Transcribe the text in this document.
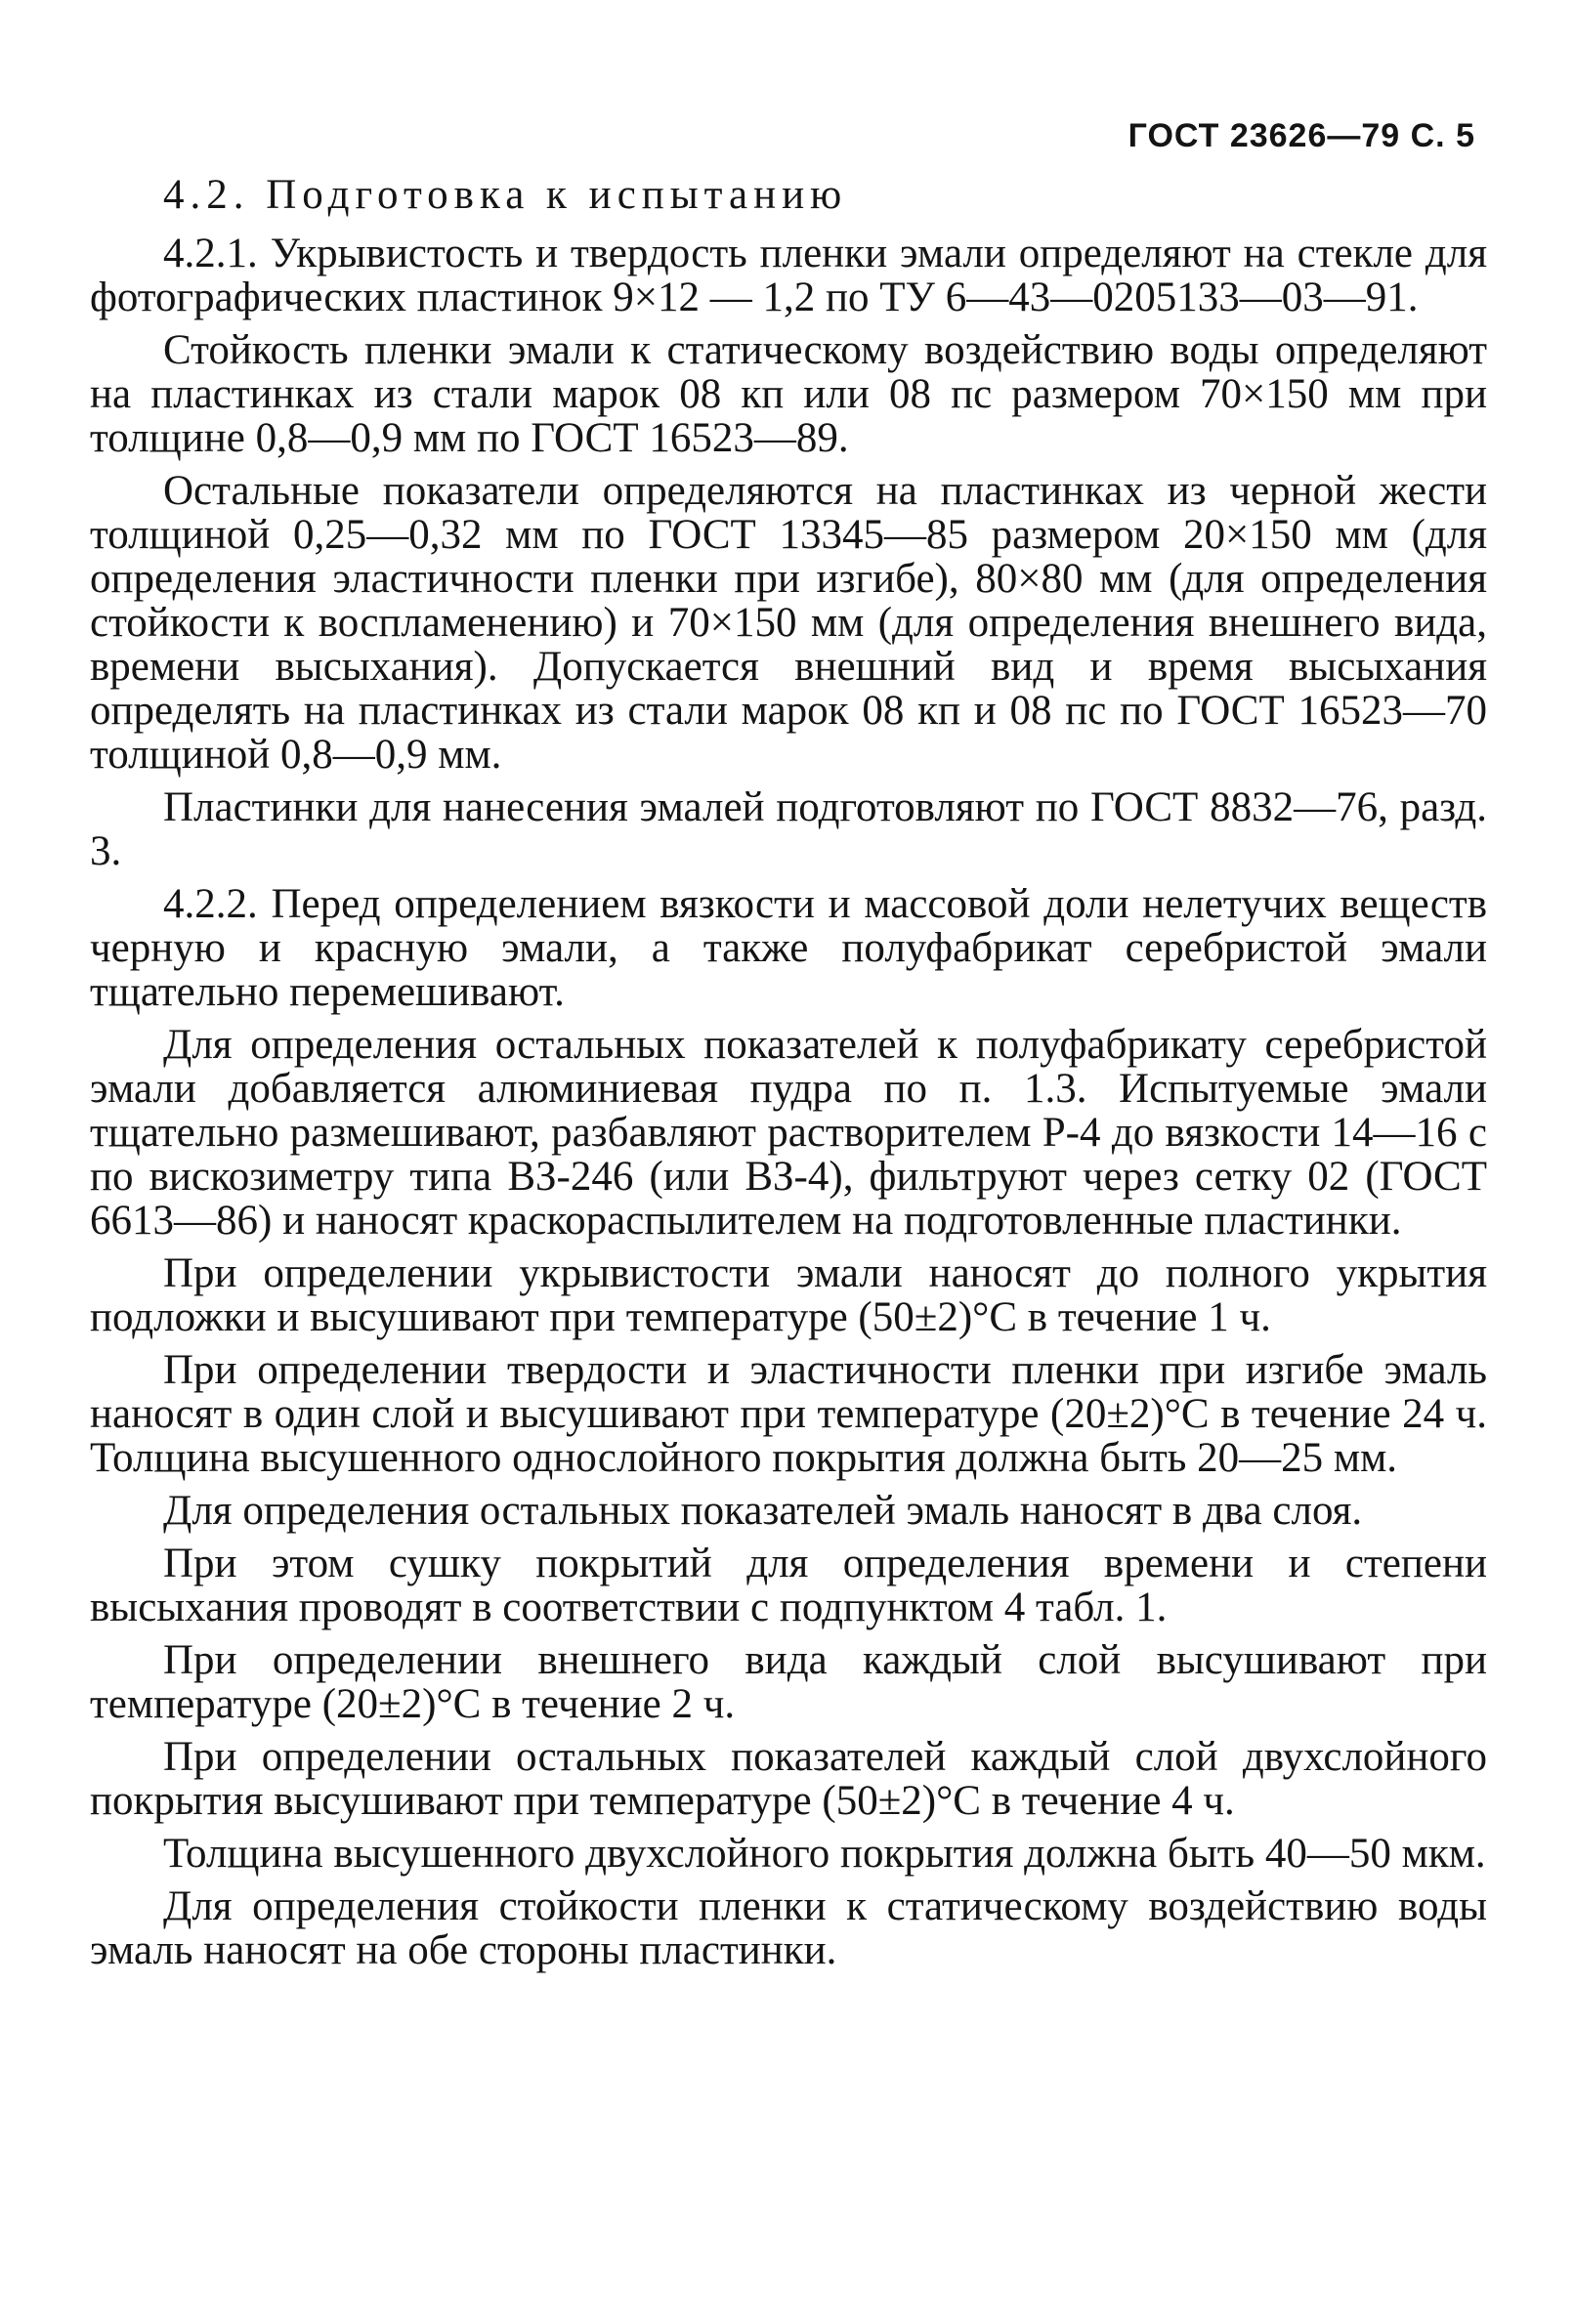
ГОСТ 23626—79 С. 5
4.2. Подготовка к испытанию

4.2.1. Укрывистость и твердость пленки эмали определяют на стекле для фотографических пластинок 9×12 — 1,2 по ТУ 6—43—0205133—03—91.

Стойкость пленки эмали к статическому воздействию воды определяют на пластинках из стали марок 08 кп или 08 пс размером 70×150 мм при толщине 0,8—0,9 мм по ГОСТ 16523—89.

Остальные показатели определяются на пластинках из черной жести толщиной 0,25—0,32 мм по ГОСТ 13345—85 размером 20×150 мм (для определения эластичности пленки при изгибе), 80×80 мм (для определения стойкости к воспламенению) и 70×150 мм (для определения внешнего вида, времени высыхания). Допускается внешний вид и время высыхания определять на пластинках из стали марок 08 кп и 08 пс по ГОСТ 16523—70 толщиной 0,8—0,9 мм.

Пластинки для нанесения эмалей подготовляют по ГОСТ 8832—76, разд. 3.

4.2.2. Перед определением вязкости и массовой доли нелетучих веществ черную и красную эмали, а также полуфабрикат серебристой эмали тщательно перемешивают.

Для определения остальных показателей к полуфабрикату серебристой эмали добавляется алюминиевая пудра по п. 1.3. Испытуемые эмали тщательно размешивают, разбавляют растворителем Р-4 до вязкости 14—16 с по вискозиметру типа ВЗ-246 (или ВЗ-4), фильтруют через сетку 02 (ГОСТ 6613—86) и наносят краскораспылителем на подготовленные пластинки.

При определении укрывистости эмали наносят до полного укрытия подложки и высушивают при температуре (50±2)°С в течение 1 ч.

При определении твердости и эластичности пленки при изгибе эмаль наносят в один слой и высушивают при температуре (20±2)°С в течение 24 ч. Толщина высушенного однослойного покрытия должна быть 20—25 мм.

Для определения остальных показателей эмаль наносят в два слоя.

При этом сушку покрытий для определения времени и степени высыхания проводят в соответствии с подпунктом 4 табл. 1.

При определении внешнего вида каждый слой высушивают при температуре (20±2)°С в течение 2 ч.

При определении остальных показателей каждый слой двухслойного покрытия высушивают при температуре (50±2)°С в течение 4 ч.

Толщина высушенного двухслойного покрытия должна быть 40—50 мкм.

Для определения стойкости пленки к статическому воздействию воды эмаль наносят на обе стороны пластинки.
